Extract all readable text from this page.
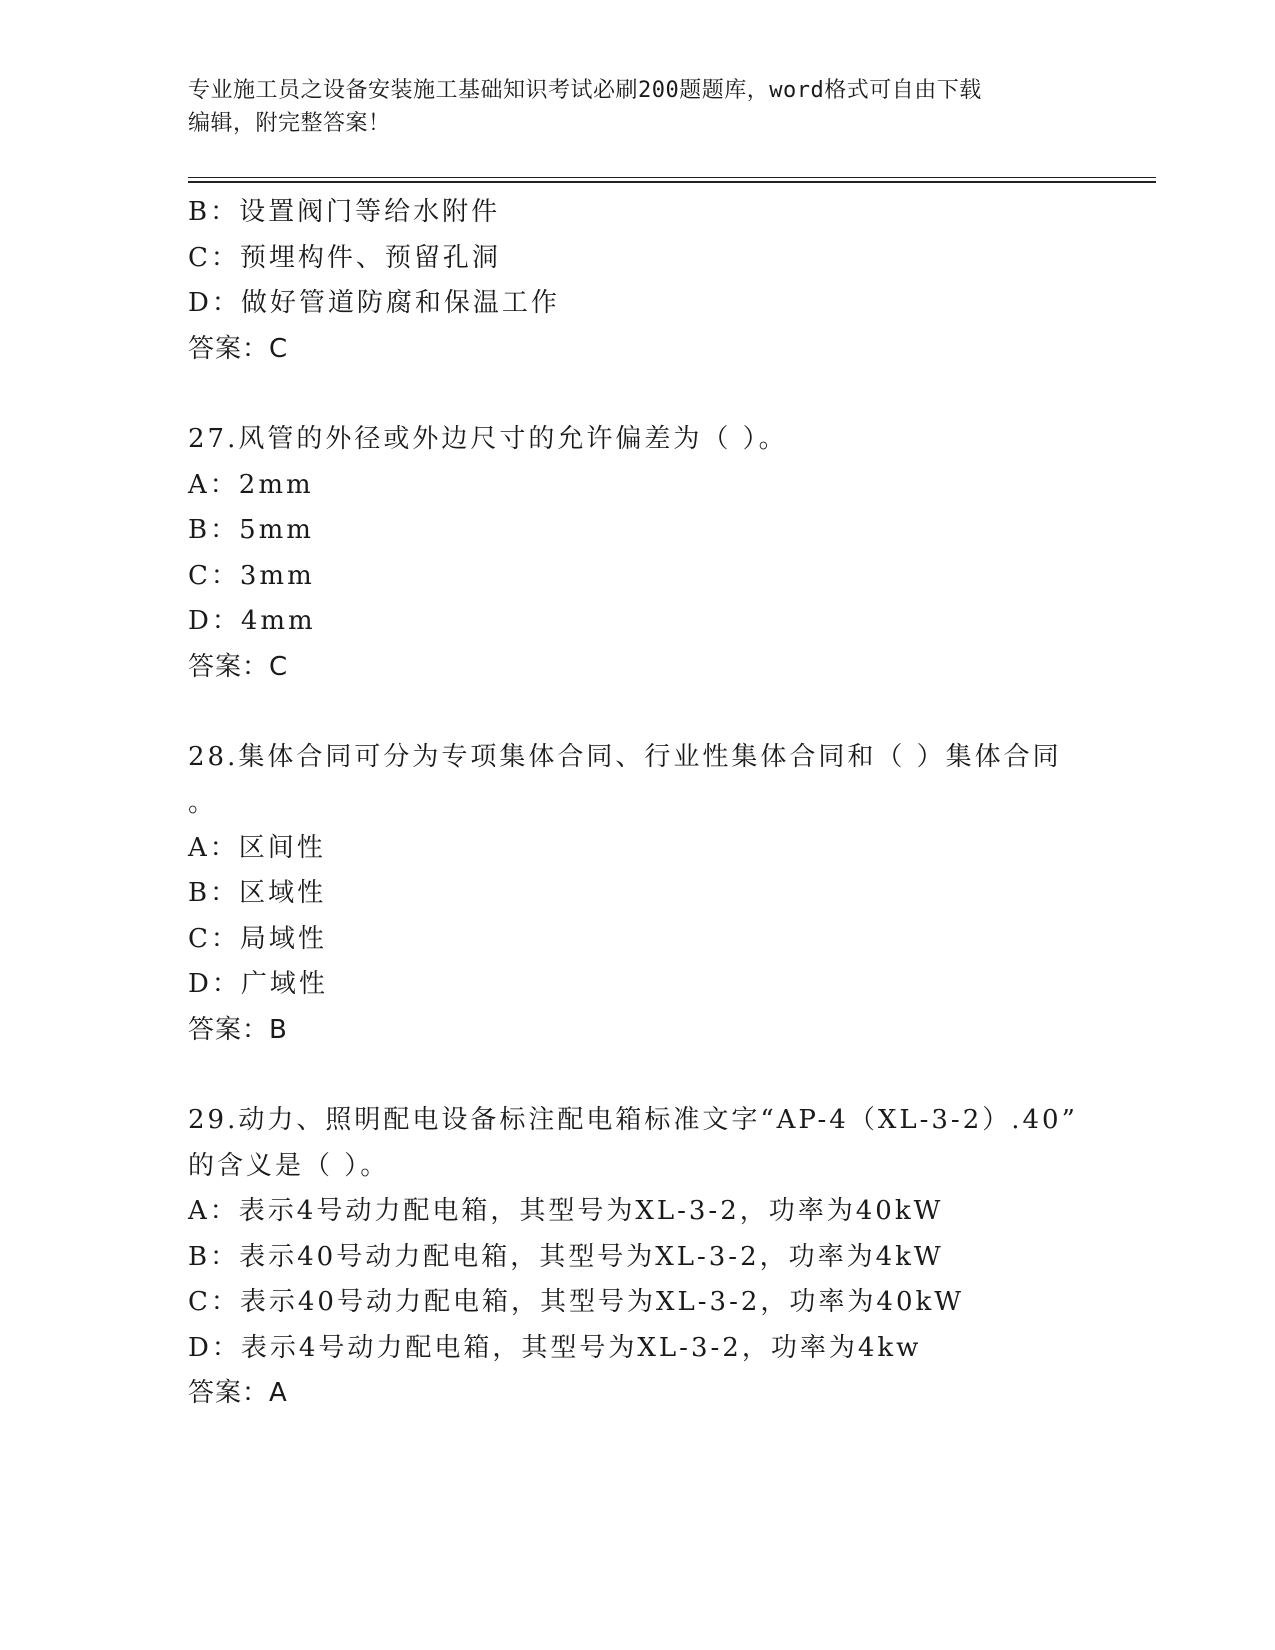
专业施工员之设备安装施工基础知识考试必刷200题题库，word格式可自由下载
编辑，附完整答案！
B：设置阀门等给水附件
C：预埋构件、预留孔洞
D：做好管道防腐和保温工作
答案：C
27.风管的外径或外边尺寸的允许偏差为（ ）。
A：2mm
B：5mm
C：3mm
D：4mm
答案：C
28.集体合同可分为专项集体合同、行业性集体合同和（ ）集体合同
。
A：区间性
B：区域性
C：局域性
D：广域性
答案：B
29.动力、照明配电设备标注配电箱标准文字“AP-4（XL-3-2）.40”
的含义是（ ）。
A：表示4号动力配电箱，其型号为XL-3-2，功率为40kW
B：表示40号动力配电箱，其型号为XL-3-2，功率为4kW
C：表示40号动力配电箱，其型号为XL-3-2，功率为40kW
D：表示4号动力配电箱，其型号为XL-3-2，功率为4kw
答案：A
